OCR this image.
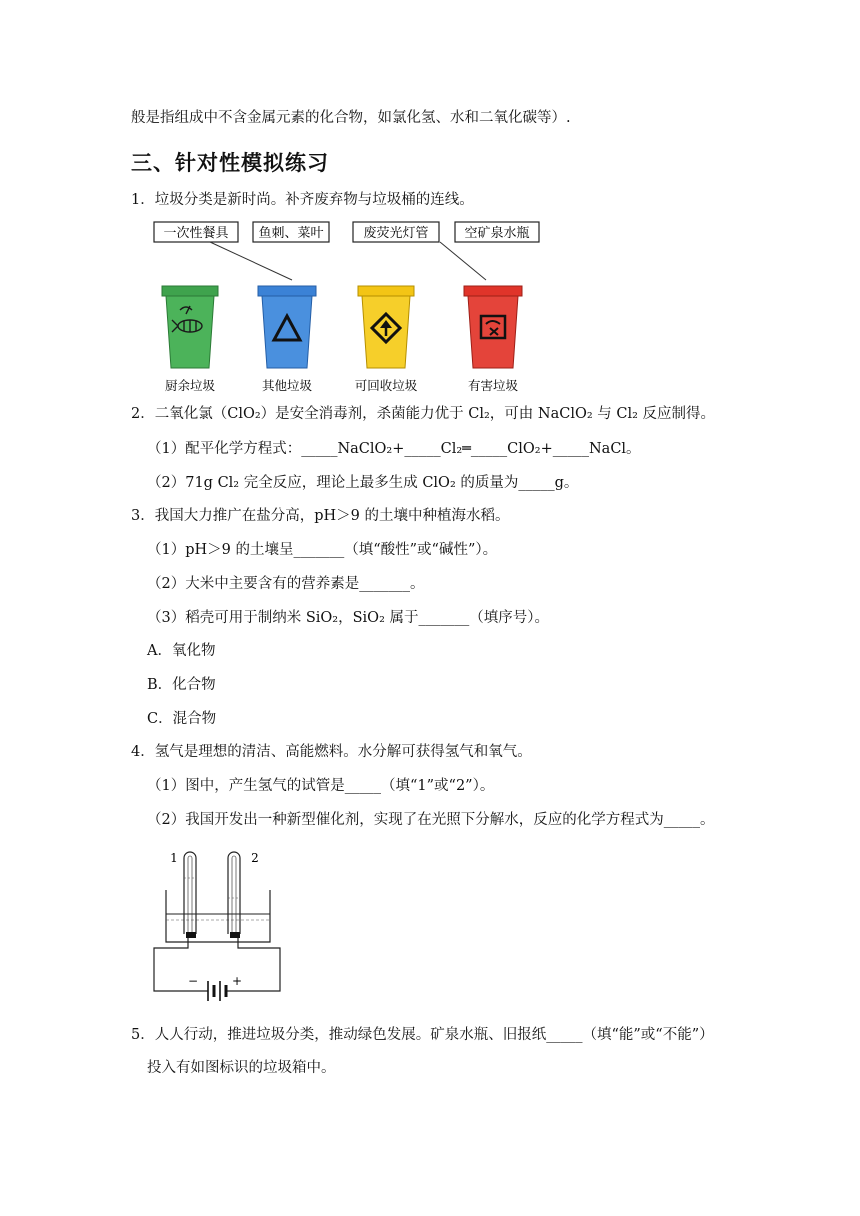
般是指组成中不含金属元素的化合物，如氯化氢、水和二氧化碳等）.
三、针对性模拟练习
1．垃圾分类是新时尚。补齐废弃物与垃圾桶的连线。
一次性餐具 鱼刺、菜叶	废荧光灯管	空矿泉水瓶
厨余垃圾	其他垃圾	可回收垃圾	有害垃圾
2．二氧化氯（ClO₂）是安全消毒剂，杀菌能力优于 Cl₂，可由 NaClO₂ 与 Cl₂ 反应制得。
（1）配平化学方程式：_____NaClO₂+_____Cl₂═_____ClO₂+_____NaCl。
（2）71g Cl₂ 完全反应，理论上最多生成 ClO₂ 的质量为_____g。
3．我国大力推广在盐分高，pH＞9 的土壤中种植海水稻。
（1）pH＞9 的土壤呈_______（填“酸性”或“碱性”）。
（2）大米中主要含有的营养素是_______。
（3）稻壳可用于制纳米 SiO₂，SiO₂ 属于_______（填序号）。
A．氧化物
B．化合物
C．混合物
4．氢气是理想的清洁、高能燃料。水分解可获得氢气和氧气。
（1）图中，产生氢气的试管是_____（填“1”或“2”）。
（2）我国开发出一种新型催化剂，实现了在光照下分解水，反应的化学方程式为_____。
1	2
−	+
5．人人行动，推进垃圾分类，推动绿色发展。矿泉水瓶、旧报纸_____（填“能”或“不能”）
投入有如图标识的垃圾箱中。
